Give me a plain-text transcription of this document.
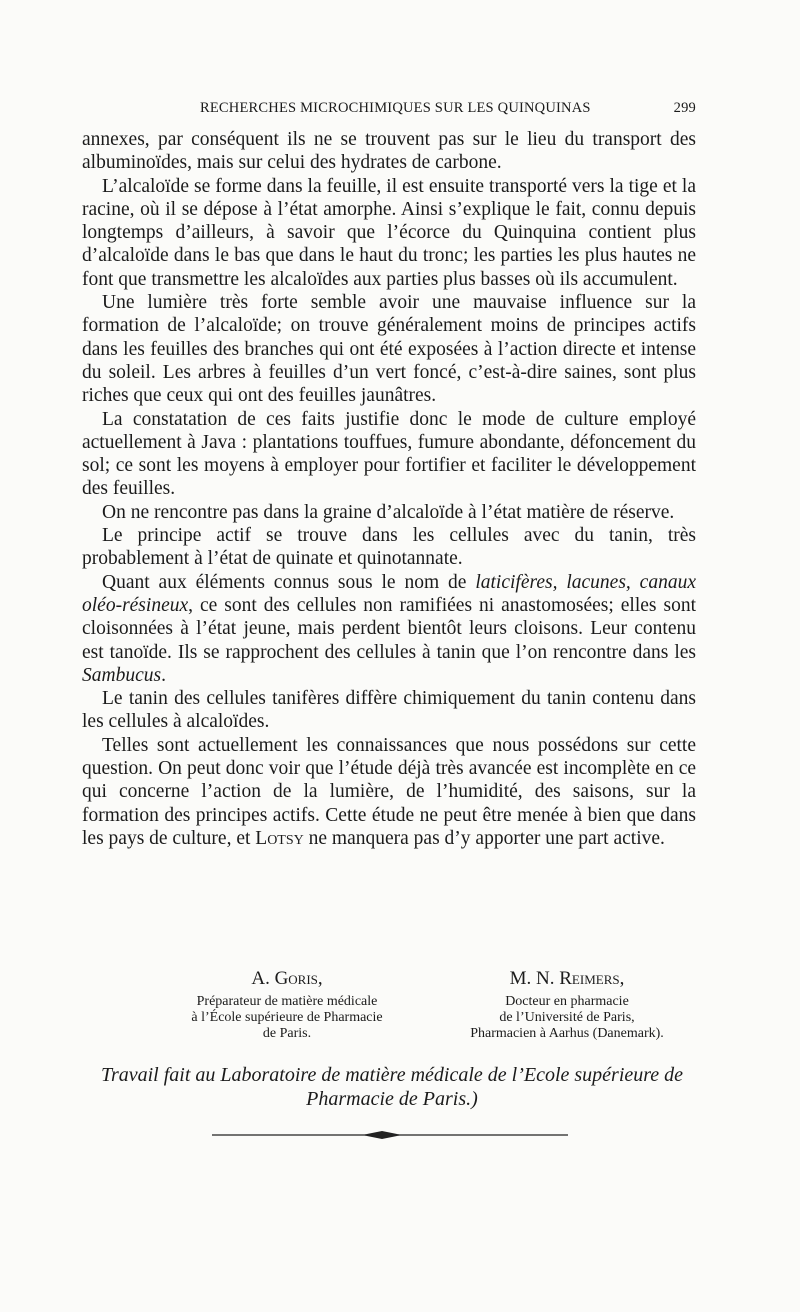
RECHERCHES MICROCHIMIQUES SUR LES QUINQUINAS	299

annexes, par conséquent ils ne se trouvent pas sur le lieu du transport des albuminoïdes, mais sur celui des hydrates de carbone.

L’alcaloïde se forme dans la feuille, il est ensuite transporté vers la tige et la racine, où il se dépose à l’état amorphe. Ainsi s’explique le fait, connu depuis longtemps d’ailleurs, à savoir que l’écorce du Quinquina contient plus d’alcaloïde dans le bas que dans le haut du tronc; les parties les plus hautes ne font que transmettre les alcaloïdes aux parties plus basses où ils accumulent.

Une lumière très forte semble avoir une mauvaise influence sur la formation de l’alcaloïde; on trouve généralement moins de principes actifs dans les feuilles des branches qui ont été exposées à l’action directe et intense du soleil. Les arbres à feuilles d’un vert foncé, c’est-à-dire saines, sont plus riches que ceux qui ont des feuilles jaunâtres.

La constatation de ces faits justifie donc le mode de culture employé actuellement à Java : plantations touffues, fumure abondante, défoncement du sol; ce sont les moyens à employer pour fortifier et faciliter le développement des feuilles.

On ne rencontre pas dans la graine d’alcaloïde à l’état matière de réserve.

Le principe actif se trouve dans les cellules avec du tanin, très probablement à l’état de quinate et quinotannate.

Quant aux éléments connus sous le nom de laticifères, lacunes, canaux oléo-résineux, ce sont des cellules non ramifiées ni anastomosées; elles sont cloisonnées à l’état jeune, mais perdent bientôt leurs cloisons. Leur contenu est tanoïde. Ils se rapprochent des cellules à tanin que l’on rencontre dans les Sambucus.

Le tanin des cellules tanifères diffère chimiquement du tanin contenu dans les cellules à alcaloïdes.

Telles sont actuellement les connaissances que nous possédons sur cette question. On peut donc voir que l’étude déjà très avancée est incomplète en ce qui concerne l’action de la lumière, de l’humidité, des saisons, sur la formation des principes actifs. Cette étude ne peut être menée à bien que dans les pays de culture, et Lotsy ne manquera pas d’y apporter une part active.

A. Goris,
Préparateur de matière médicale
à l’École supérieure de Pharmacie
de Paris.
M. N. Reimers,
Docteur en pharmacie
de l’Université de Paris,
Pharmacien à Aarhus (Danemark).
Travail fait au Laboratoire de matière médicale de l’Ecole supérieure de Pharmacie de Paris.)
